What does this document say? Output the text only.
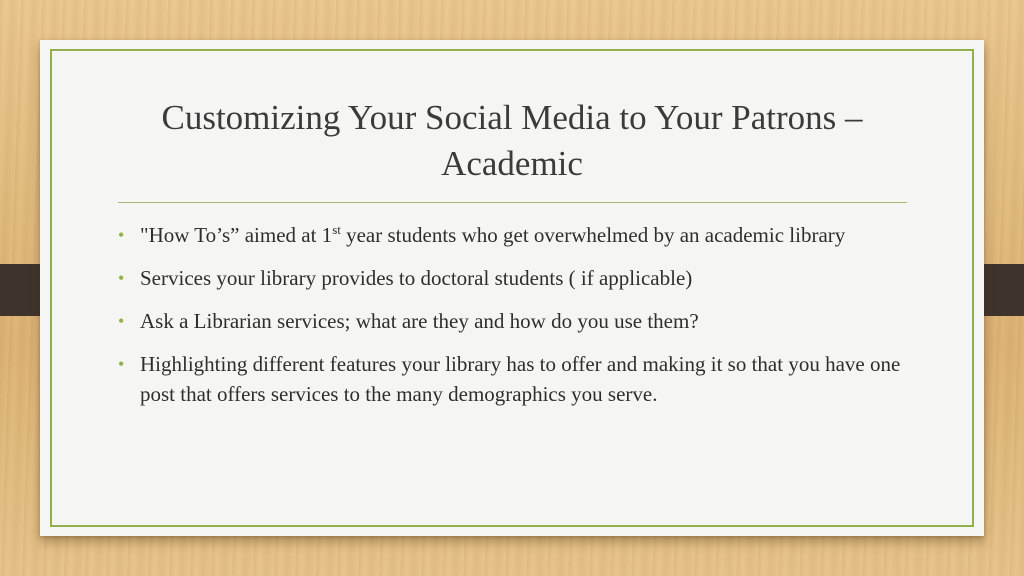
Customizing Your Social Media to Your Patrons –
Academic
• "How To’s” aimed at 1st year students who get overwhelmed by an academic library
• Services your library provides to doctoral students ( if applicable)
• Ask a Librarian services; what are they and how do you use them?
• Highlighting different features your library has to offer and making it so that you have one post that offers services to the many demographics you serve.
